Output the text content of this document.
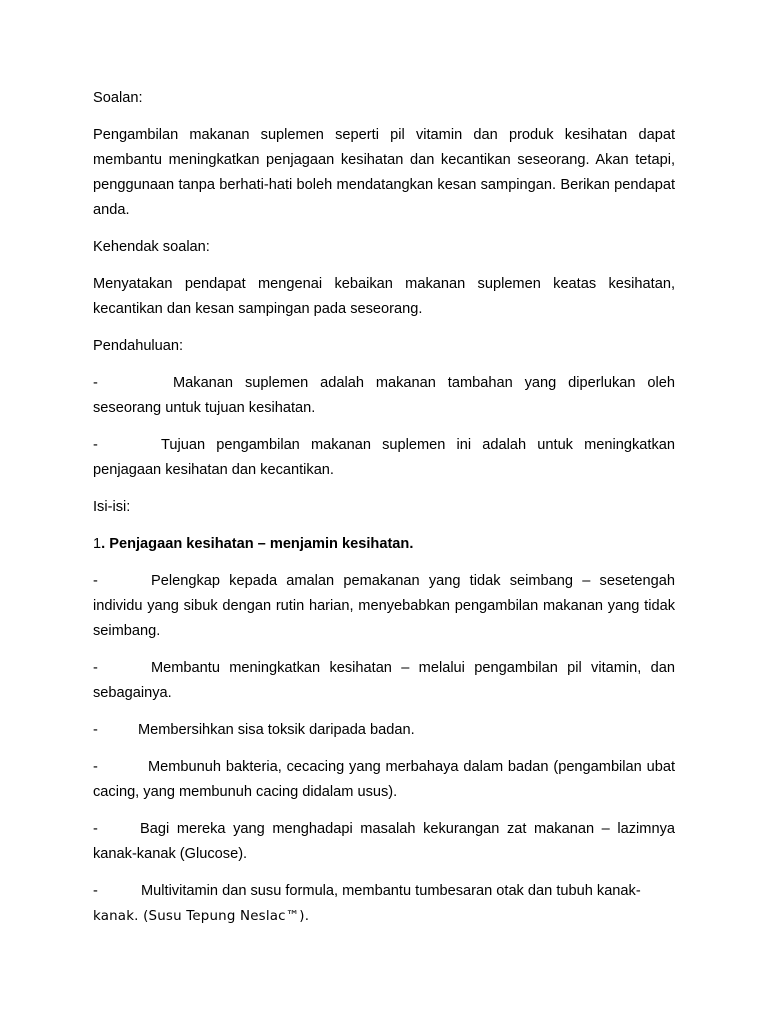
Soalan:

Pengambilan makanan suplemen seperti pil vitamin dan produk kesihatan dapat membantu meningkatkan penjagaan kesihatan dan kecantikan seseorang. Akan tetapi, penggunaan tanpa berhati-hati boleh mendatangkan kesan sampingan. Berikan pendapat anda.

Kehendak soalan:

Menyatakan pendapat mengenai kebaikan makanan suplemen keatas kesihatan, kecantikan dan kesan sampingan pada seseorang.

Pendahuluan:

-	Makanan suplemen adalah makanan tambahan yang diperlukan oleh seseorang untuk tujuan kesihatan.

-	Tujuan pengambilan makanan suplemen ini adalah untuk meningkatkan penjagaan kesihatan dan kecantikan.

Isi-isi:

1. Penjagaan kesihatan – menjamin kesihatan.

-	Pelengkap kepada amalan pemakanan yang tidak seimbang – sesetengah individu yang sibuk dengan rutin harian, menyebabkan pengambilan makanan yang tidak seimbang.

-	Membantu meningkatkan kesihatan – melalui pengambilan pil vitamin, dan sebagainya.

-	Membersihkan sisa toksik daripada badan.

-	Membunuh bakteria, cecacing yang merbahaya dalam badan (pengambilan ubat cacing, yang membunuh cacing didalam usus).

-	Bagi mereka yang menghadapi masalah kekurangan zat makanan – lazimnya kanak-kanak (Glucose).

-	Multivitamin dan susu formula, membantu tumbesaran otak dan tubuh kanak-
kanak. (Susu Tepung Neslac™).
